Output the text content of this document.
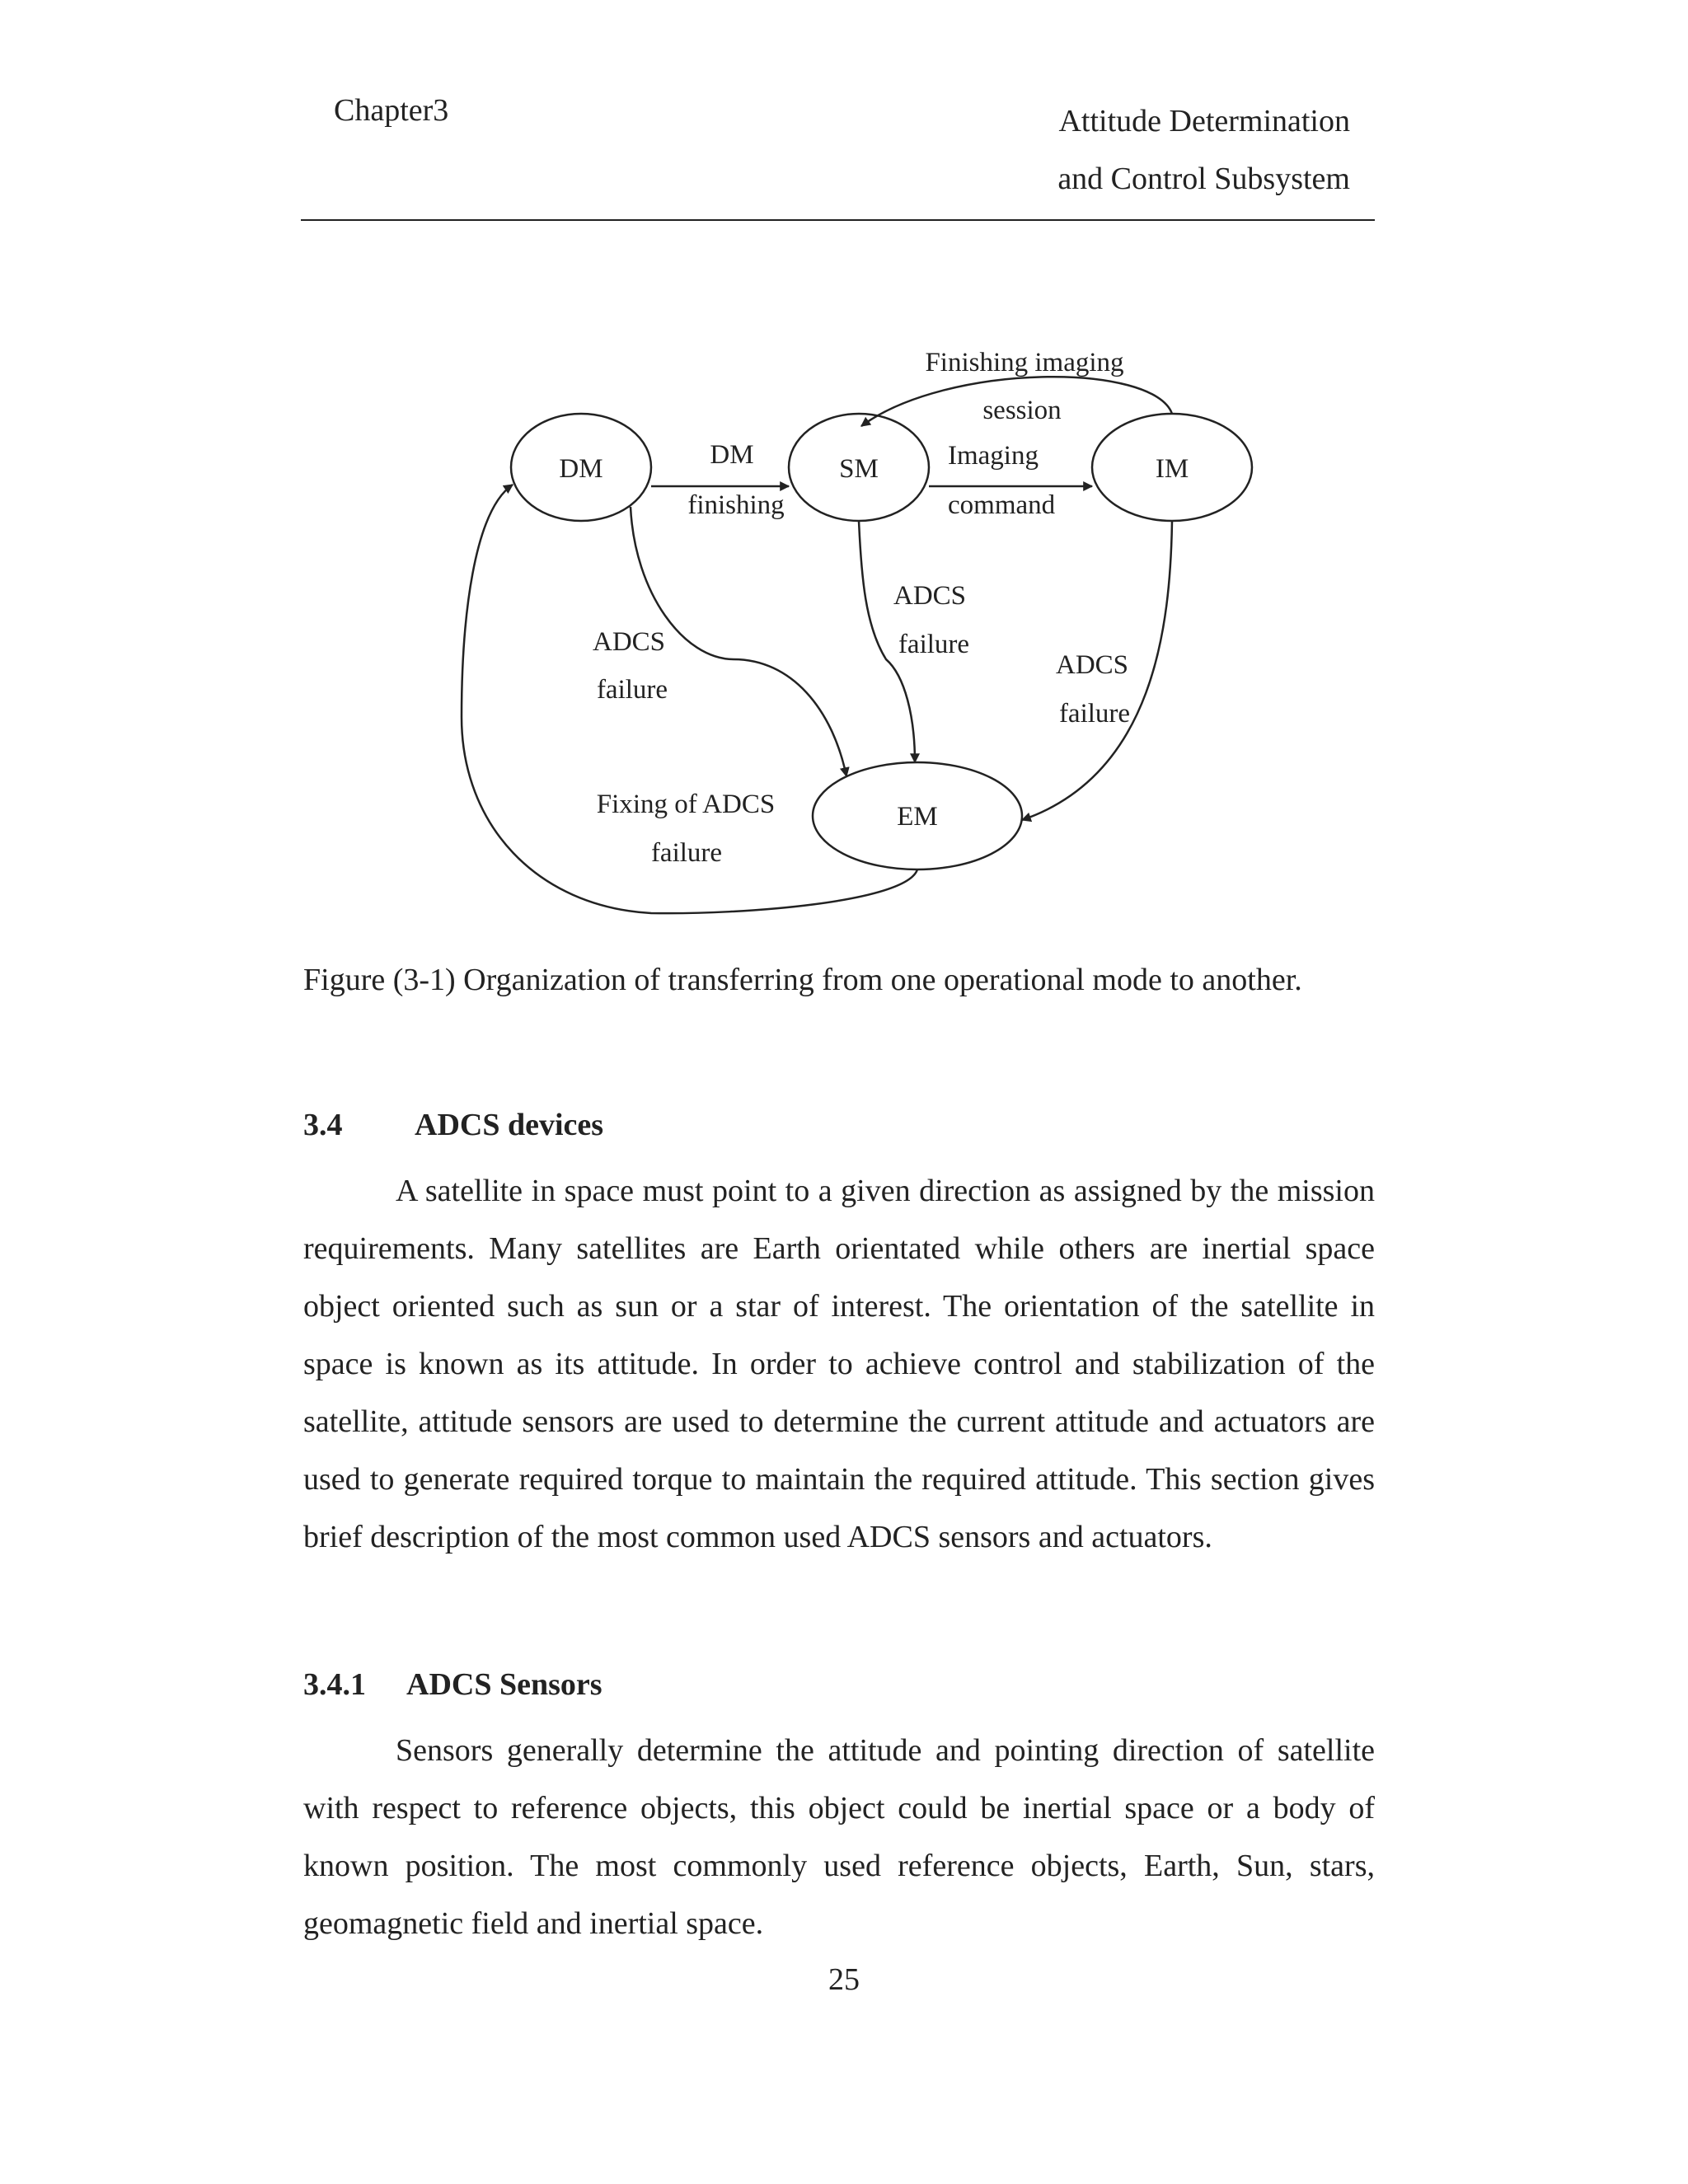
Chapter3	Attitude Determination
and Control Subsystem
DM	SM	IM
EM
DM
finishing
Imaging
command
Finishing imaging
session
ADCS
failure
ADCS
failure
ADCS
failure
Fixing of ADCS
failure
Figure (3-1) Organization of transferring from one operational mode to another.
3.4 ADCS devices

A satellite in space must point to a given direction as assigned by the mission requirements. Many satellites are Earth orientated while others are inertial space object oriented such as sun or a star of interest. The orientation of the satellite in space is known as its attitude. In order to achieve control and stabilization of the satellite, attitude sensors are used to determine the current attitude and actuators are used to generate required torque to maintain the required attitude. This section gives brief description of the most common used ADCS sensors and actuators.

3.4.1 ADCS Sensors

Sensors generally determine the attitude and pointing direction of satellite with respect to reference objects, this object could be inertial space or a body of known position. The most commonly used reference objects, Earth, Sun, stars, geomagnetic field and inertial space.

25
